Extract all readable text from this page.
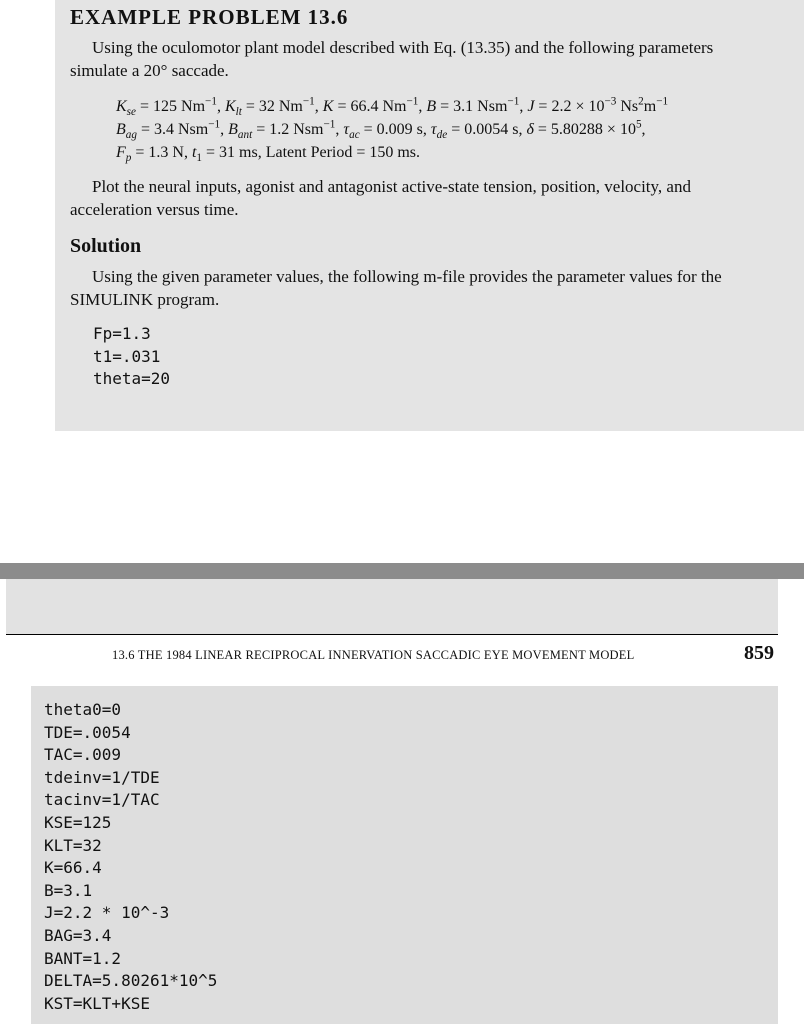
EXAMPLE PROBLEM 13.6

Using the oculomotor plant model described with Eq. (13.35) and the following parameters

simulate a 20° saccade.

$K_{se} = 125$ $Nm^{-1}$, $K_{lt} = 32$ $Nm^{-1}$, K = 66.4 $Nm^{-1}$, B = 3.1 Nsm$^{-1}$, $J = 2.2 \times 10^{-3}$ $Ns^2m^{-1}$

$B_{ag} = 3.4$ Nsm$^{-1}$, $B_{ant} = 1.2$ Nsm$^{-1}$, $\tau_{ac} = 0.009$ s, $\tau_{de} = 0.0054$ s, $\delta = 5.80288 \times 10^5$,

$F_p = 1.3$ N, $t_1 = 31$ ms, Latent Period = 150 ms.

Plot the neural inputs, agonist and antagonist active-state tension, position, velocity, and

acceleration versus time.

Solution

Using the given parameter values, the following m-file provides the parameter values for the

SIMULINK program.

Fp=1.3
t1=.031
theta=20
13.6 THE 1984 LINEAR RECIPROCAL INNERVATION SACCADIC EYE MOVEMENT MODEL	859
theta0=0
TDE=.0054
TAC=.009
tdeinv=1/TDE
tacinv=1/TAC
KSE=125
KLT=32
K=66.4
B=3.1
J=2.2 * 10^-3
BAG=3.4
BANT=1.2
DELTA=5.80261*10^5
KST=KLT+KSE
